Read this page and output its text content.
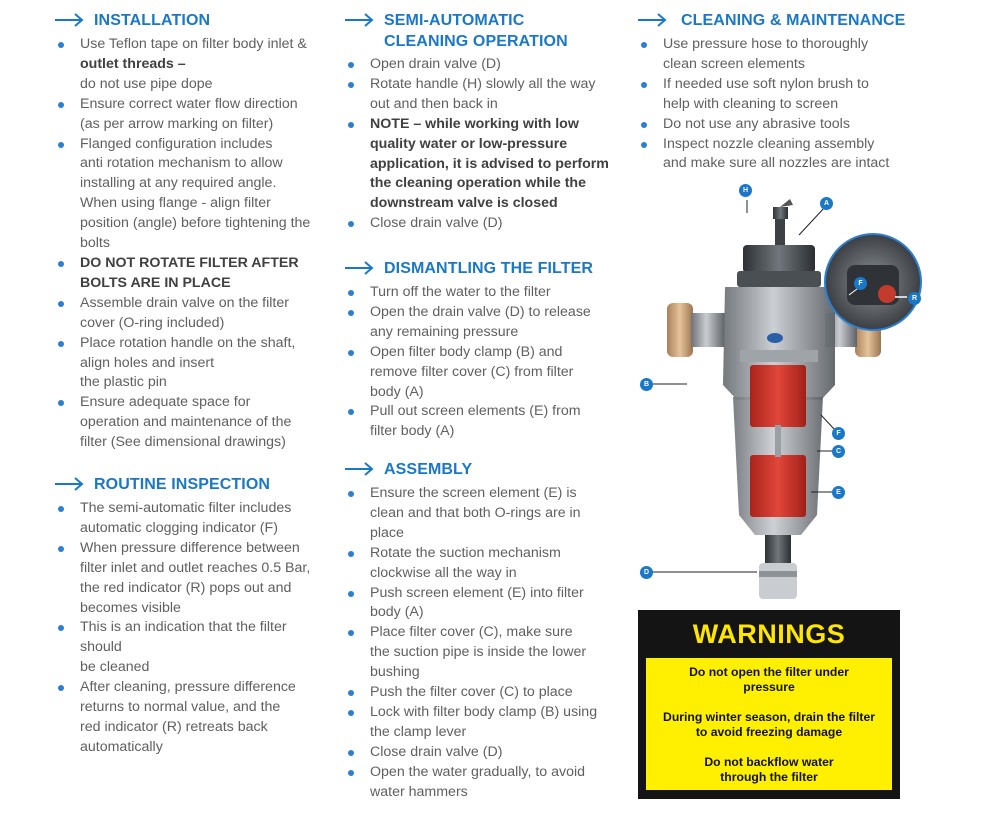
INSTALLATION
Use Teflon tape on filter body inlet &
outlet threads –
do not use pipe dope
Ensure correct water flow direction
(as per arrow marking on filter)
Flanged configuration includes
anti rotation mechanism to allow
installing at any required angle.
When using flange - align filter
position (angle) before tightening the
bolts
DO NOT ROTATE FILTER AFTER
BOLTS ARE IN PLACE
Assemble drain valve on the filter
cover (O-ring included)
Place rotation handle on the shaft,
align holes and insert
the plastic pin
Ensure adequate space for
operation and maintenance of the
filter (See dimensional drawings)
ROUTINE INSPECTION
The semi-automatic filter includes
automatic clogging indicator (F)
When pressure difference between
filter inlet and outlet reaches 0.5 Bar,
the red indicator (R) pops out and
becomes visible
This is an indication that the filter
should
be cleaned
After cleaning, pressure difference
returns to normal value, and the
red indicator (R) retreats back
automatically
SEMI-AUTOMATIC
CLEANING OPERATION
Open drain valve (D)
Rotate handle (H) slowly all the way
out and then back in
NOTE – while working with low
quality water or low-pressure
application, it is advised to perform
the cleaning operation while the
downstream valve is closed
Close drain valve (D)
DISMANTLING THE FILTER
Turn off the water to the filter
Open the drain valve (D) to release
any remaining pressure
Open filter body clamp (B) and
remove filter cover (C) from filter
body (A)
Pull out screen elements (E) from
filter body (A)
ASSEMBLY
Ensure the screen element (E) is
clean and that both O-rings are in
place
Rotate the suction mechanism
clockwise all the way in
Push screen element (E) into filter
body (A)
Place filter cover (C), make sure
the suction pipe is inside the lower
bushing
Push the filter cover (C) to place
Lock with filter body clamp (B) using
the clamp lever
Close drain valve (D)
Open the water gradually, to avoid
water hammers
CLEANING & MAINTENANCE
Use pressure hose to thoroughly
clean screen elements
If needed use soft nylon brush to
help with cleaning to screen
Do not use any abrasive tools
Inspect nozzle cleaning assembly
and make sure all nozzles are intact
H
A
F
R
B
F
C
E
D
WARNINGS
Do not open the filter under
pressure
During winter season, drain the filter
to avoid freezing damage
Do not backflow water
through the filter
